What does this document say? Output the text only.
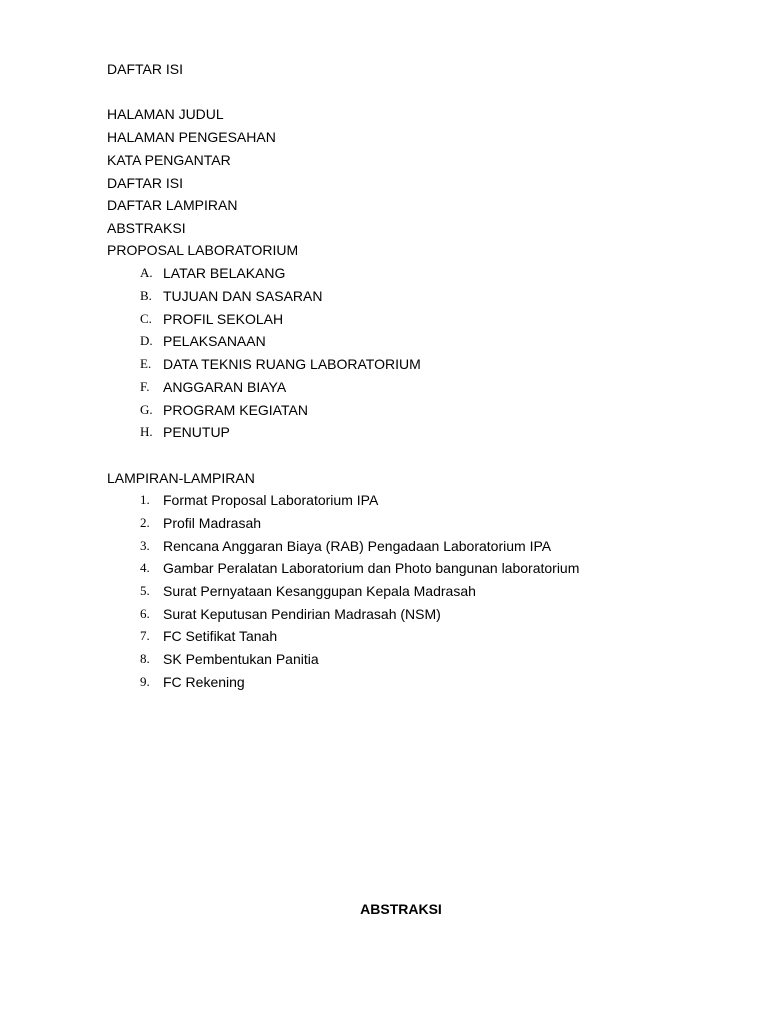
DAFTAR ISI
HALAMAN JUDUL
HALAMAN PENGESAHAN
KATA PENGANTAR
DAFTAR ISI
DAFTAR LAMPIRAN
ABSTRAKSI
PROPOSAL LABORATORIUM
A. LATAR BELAKANG
B. TUJUAN DAN SASARAN
C. PROFIL SEKOLAH
D. PELAKSANAAN
E. DATA TEKNIS RUANG LABORATORIUM
F. ANGGARAN BIAYA
G. PROGRAM KEGIATAN
H. PENUTUP
LAMPIRAN-LAMPIRAN
1. Format Proposal Laboratorium IPA
2. Profil Madrasah
3. Rencana Anggaran Biaya (RAB) Pengadaan Laboratorium IPA
4. Gambar Peralatan Laboratorium dan Photo bangunan laboratorium
5. Surat Pernyataan Kesanggupan Kepala Madrasah
6. Surat Keputusan Pendirian Madrasah (NSM)
7. FC Setifikat Tanah
8. SK Pembentukan Panitia
9. FC Rekening
ABSTRAKSI
